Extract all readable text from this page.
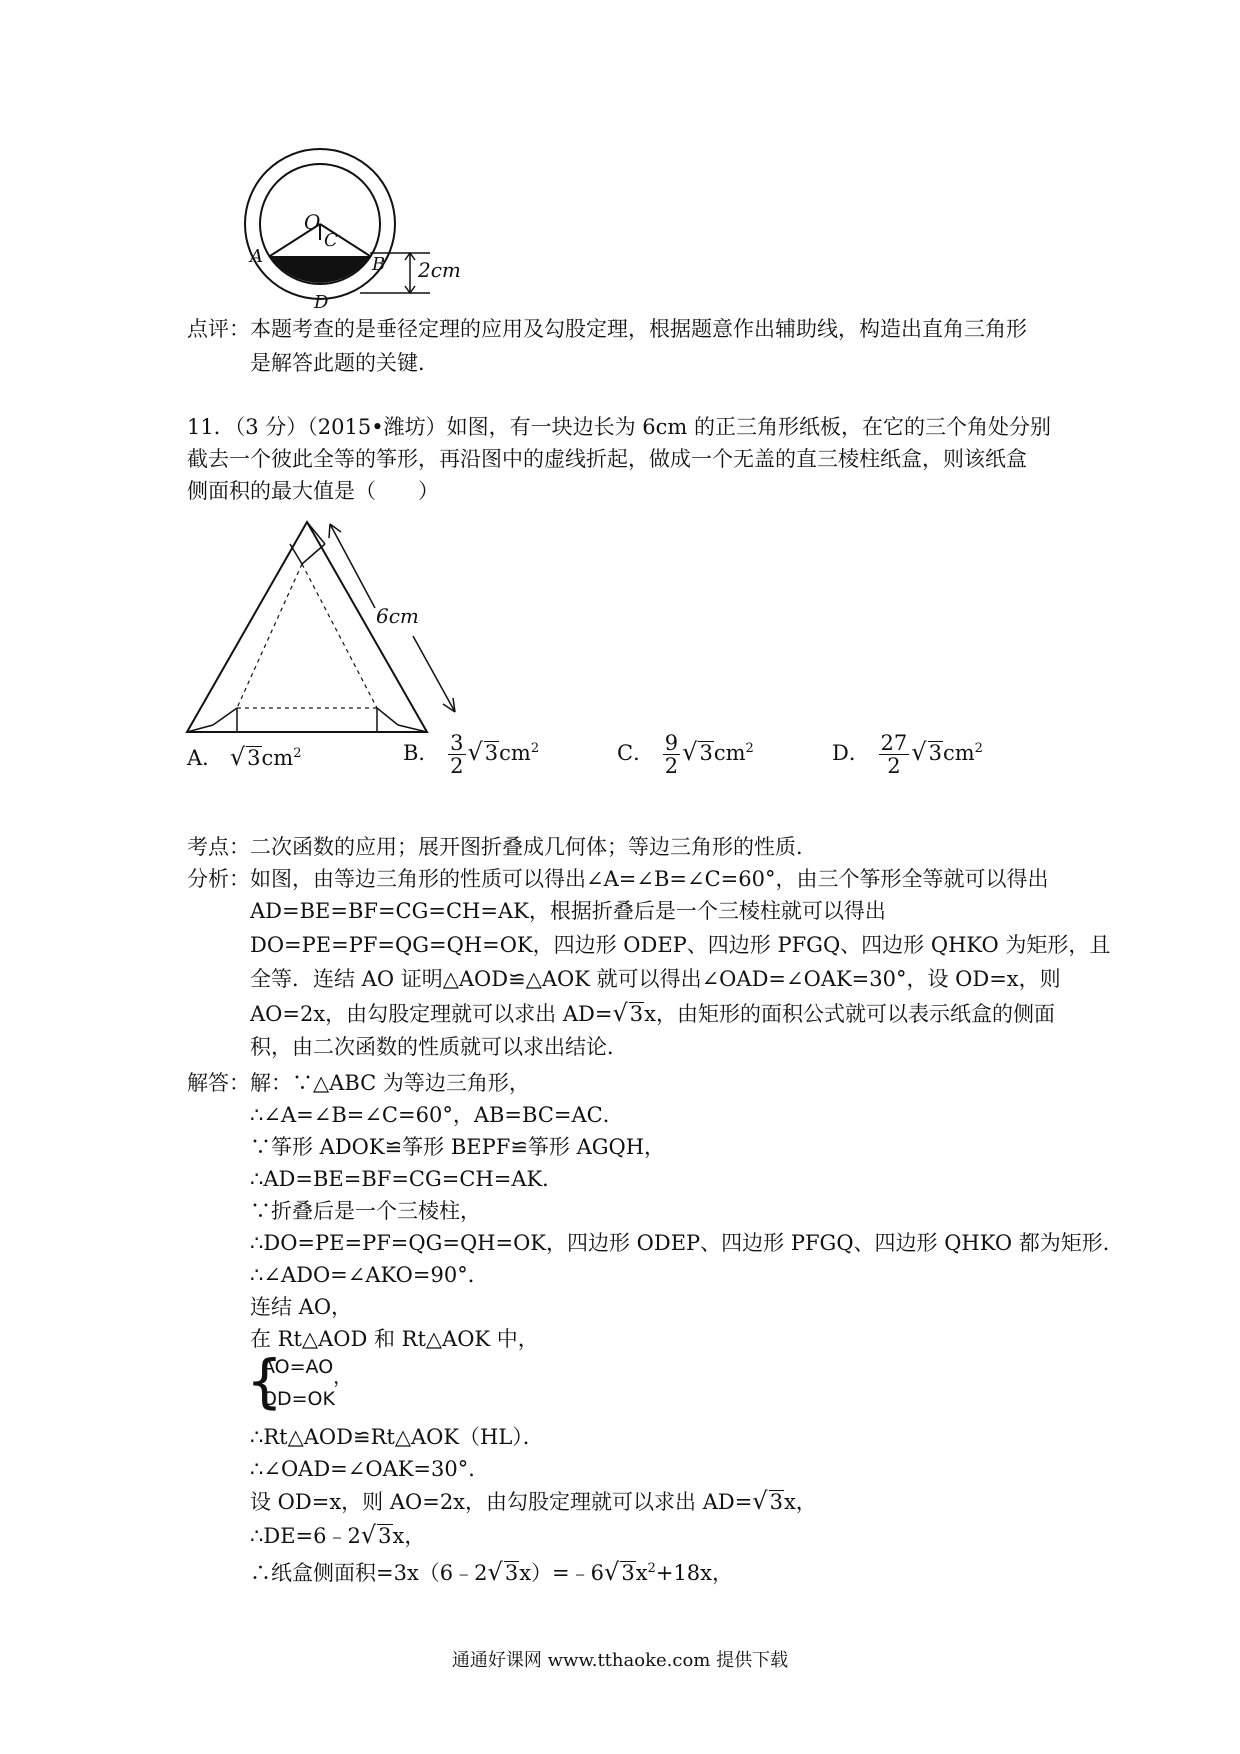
O
C
A	B
D
2cm
点评：本题考查的是垂径定理的应用及勾股定理，根据题意作出辅助线，构造出直角三角形
是解答此题的关键．
11．（3 分）（2015•潍坊）如图，有一块边长为 6cm 的正三角形纸板，在它的三个角处分别
截去一个彼此全等的筝形，再沿图中的虚线折起，做成一个无盖的直三棱柱纸盒，则该纸盒
侧面积的最大值是（　　）
6cm
A． $√3cm^2$	B． $\frac{3}{2} √3cm^2$	C． $\frac{9}{2} √3cm^2$	D． $\frac{27}{2} √3cm^2$
考点：二次函数的应用；展开图折叠成几何体；等边三角形的性质．
分析：如图，由等边三角形的性质可以得出∠A=∠B=∠C=60°，由三个筝形全等就可以得出
AD=BE=BF=CG=CH=AK，根据折叠后是一个三棱柱就可以得出
DO=PE=PF=QG=QH=OK，四边形 ODEP、四边形 PFGQ、四边形 QHKO 为矩形，且
全等．连结 AO 证明△AOD≌△AOK 就可以得出∠OAD=∠OAK=30°，设 OD=x，则
AO=2x，由勾股定理就可以求出 AD=√3x，由矩形的面积公式就可以表示纸盒的侧面
积，由二次函数的性质就可以求出结论．
解答：解：∵△ABC 为等边三角形，
∴∠A=∠B=∠C=60°，AB=BC=AC．
∵筝形 ADOK≌筝形 BEPF≌筝形 AGQH，
∴AD=BE=BF=CG=CH=AK．
∵折叠后是一个三棱柱，
∴DO=PE=PF=QG=QH=OK，四边形 ODEP、四边形 PFGQ、四边形 QHKO 都为矩形．
∴∠ADO=∠AKO=90°．
连结 AO，
在 Rt△AOD 和 Rt△AOK 中，
{
AO=AO，
OD=OK
∴Rt△AOD≌Rt△AOK（HL）．
∴∠OAD=∠OAK=30°．
设 OD=x，则 AO=2x，由勾股定理就可以求出 AD=√3x，
∴DE=6﹣2√3x，
∴纸盒侧面积$=3x(6﹣2√3x)=﹣6√3x^2+18x$，
通通好课网 www.tthaoke.com 提供下载
